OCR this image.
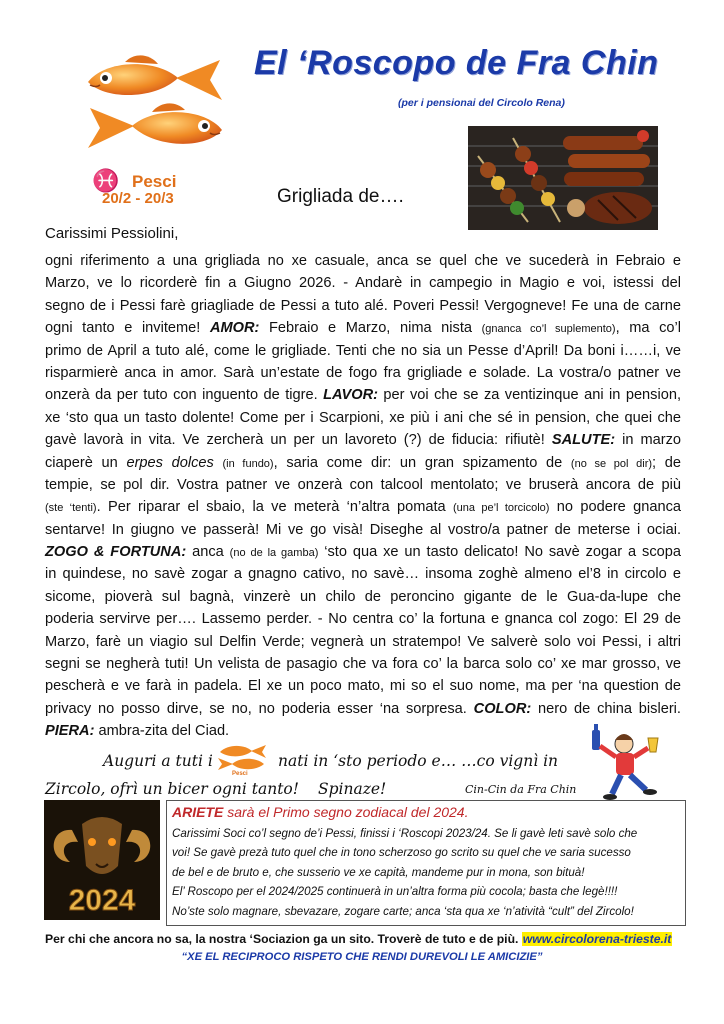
♓ Pesci
20/2 - 20/3
El ‘Roscopo de Fra Chin
(per i pensionai del Circolo Rena)
Grigliada de….
Carissimi Pessiolini,
ogni riferimento a una grigliada no xe casuale, anca se quel che ve sucederà in Febraio e
Marzo, ve lo ricorderè fin a Giugno 2026. - Andarè in campegio in Magio e voi, istessi del
segno de i Pessi farè griagliade de Pessi a tuto alé. Poveri Pessi! Vergogneve! Fe una de carne
ogni tanto e inviteme! AMOR: Febraio e Marzo, nima nista (gnanca co’l suplemento), ma co’l
primo de April a tuto alé, come le grigliade. Tenti che no sia un Pesse d’April! Da boni i……i, ve
risparmierè anca in amor. Sarà un’estate de fogo fra grigliade e solade. La vostra/o patner ve
onzerà da per tuto con inguento de tigre. LAVOR: per voi che se za ventizinque ani in pension,
xe ‘sto qua un tasto dolente! Come per i Scarpioni, xe più i ani che sé in pension, che quei che
gavè lavorà in vita. Ve zercherà un per un lavoreto (?) de fiducia: rifiutè! SALUTE: in marzo
ciaperè un erpes dolces (in fundo), saria come dir: un gran spizamento de (no se pol dir); de
tempie, se pol dir. Vostra patner ve onzerà con talcool mentolato; ve bruserà ancora de più
(ste ‘tenti). Per riparar el sbaio, la ve meterà ‘n’altra pomata (una pe’l torcicolo) no podere gnanca
sentarve! In giugno ve passerà! Mi ve go visà! Diseghe al vostro/a patner de meterse i ociai.
ZOGO & FORTUNA: anca (no de la gamba) ‘sto qua xe un tasto delicato! No savè zogar a scopa
in quindese, no savè zogar a gnagno cativo, no savè… insoma zoghè almeno el’8 in circolo e
sicome, pioverà sul bagnà, vinzerè un chilo de peroncino gigante de le Gua-da-lupe che
poderia servirve per…. Lassemo perder. - No centra co’ la fortuna e gnanca col zogo: El 29 de
Marzo, farè un viagio sul Delfin Verde; vegnerà un stratempo! Ve salverè solo voi Pessi, i altri
segni se negherà tuti! Un velista de pasagio che va fora co’ la barca solo co’ xe mar grosso, ve
pescherà e ve farà in padela. El xe un poco mato, mi so el suo nome, ma per ‘na question de
privacy no posso dirve, se no, no poderia esser ‘na sorpresa. COLOR: nero de china bisleri.
PIERA: ambra-zita del Ciad.
Auguri a tuti i
Pesci
nati in ‘sto periodo e… …co vignì in
Zircolo, ofrì un bicer ogni tanto! Spinaze!	Cin-Cin da Fra Chin
2024
ARIETE sarà el Primo segno zodiacal del 2024.
Carissimi Soci co’l segno de’i Pessi, finissi i ‘Roscopi 2023/24. Se li gavè leti savè solo che
voi! Se gavè prezà tuto quel che in tono scherzoso go scrito su quel che ve saria sucesso
de bel e de bruto e, che susserio ve xe capità, mandeme pur in mona, son bituà!
El’ Roscopo per el 2024/2025 continuerà in un’altra forma più cocola; basta che legè!!!!
No’ste solo magnare, sbevazare, zogare carte; anca ‘sta qua xe ‘n’atività “cult” del Zircolo!
Per chi che ancora no sa, la nostra ‘Sociazion ga un sito. Troverè de tuto e de più. www.circolorena-trieste.it
“XE EL RECIPROCO RISPETO CHE RENDI DUREVOLI LE AMICIZIE”
